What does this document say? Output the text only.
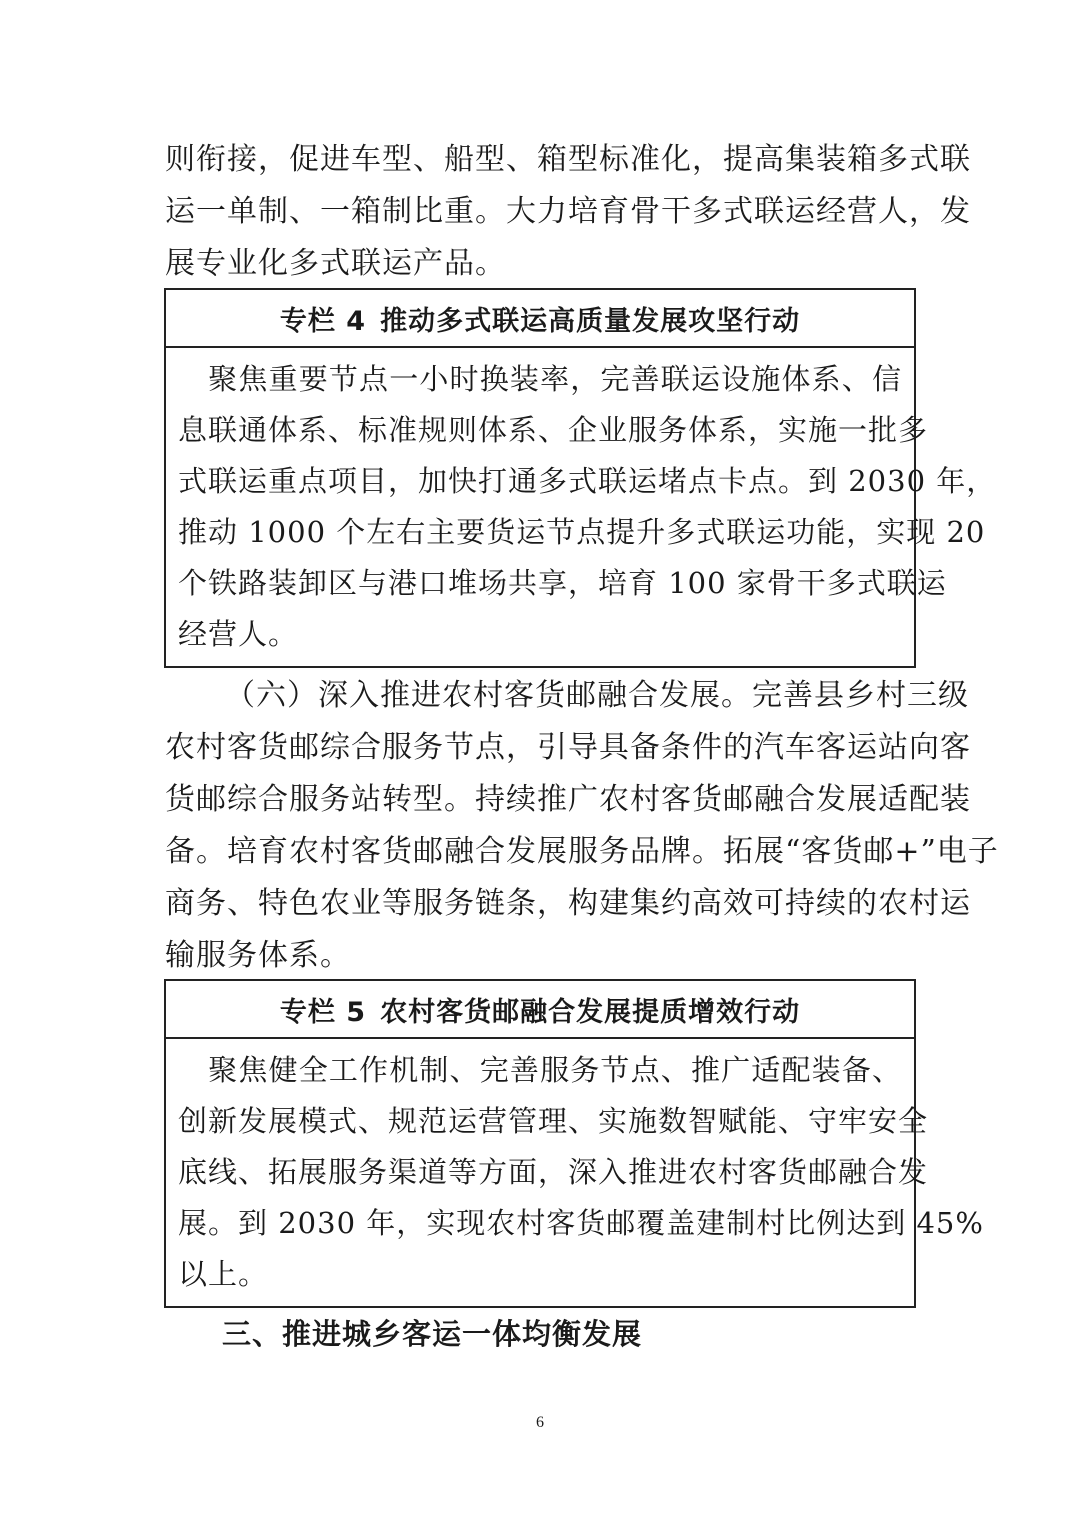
则衔接，促进车型、船型、箱型标准化，提高集装箱多式联
运一单制、一箱制比重。大力培育骨干多式联运经营人，发
展专业化多式联运产品。
专栏 4 推动多式联运高质量发展攻坚行动
　聚焦重要节点一小时换装率，完善联运设施体系、信
息联通体系、标准规则体系、企业服务体系，实施一批多
式联运重点项目，加快打通多式联运堵点卡点。到 2030 年，
推动 1000 个左右主要货运节点提升多式联运功能，实现 20
个铁路装卸区与港口堆场共享，培育 100 家骨干多式联运
经营人。
（六）深入推进农村客货邮融合发展。完善县乡村三级
农村客货邮综合服务节点，引导具备条件的汽车客运站向客
货邮综合服务站转型。持续推广农村客货邮融合发展适配装
备。培育农村客货邮融合发展服务品牌。拓展“客货邮+”电子
商务、特色农业等服务链条，构建集约高效可持续的农村运
输服务体系。
专栏 5 农村客货邮融合发展提质增效行动
　聚焦健全工作机制、完善服务节点、推广适配装备、
创新发展模式、规范运营管理、实施数智赋能、守牢安全
底线、拓展服务渠道等方面，深入推进农村客货邮融合发
展。到 2030 年，实现农村客货邮覆盖建制村比例达到 45%
以上。
三、推进城乡客运一体均衡发展
6
